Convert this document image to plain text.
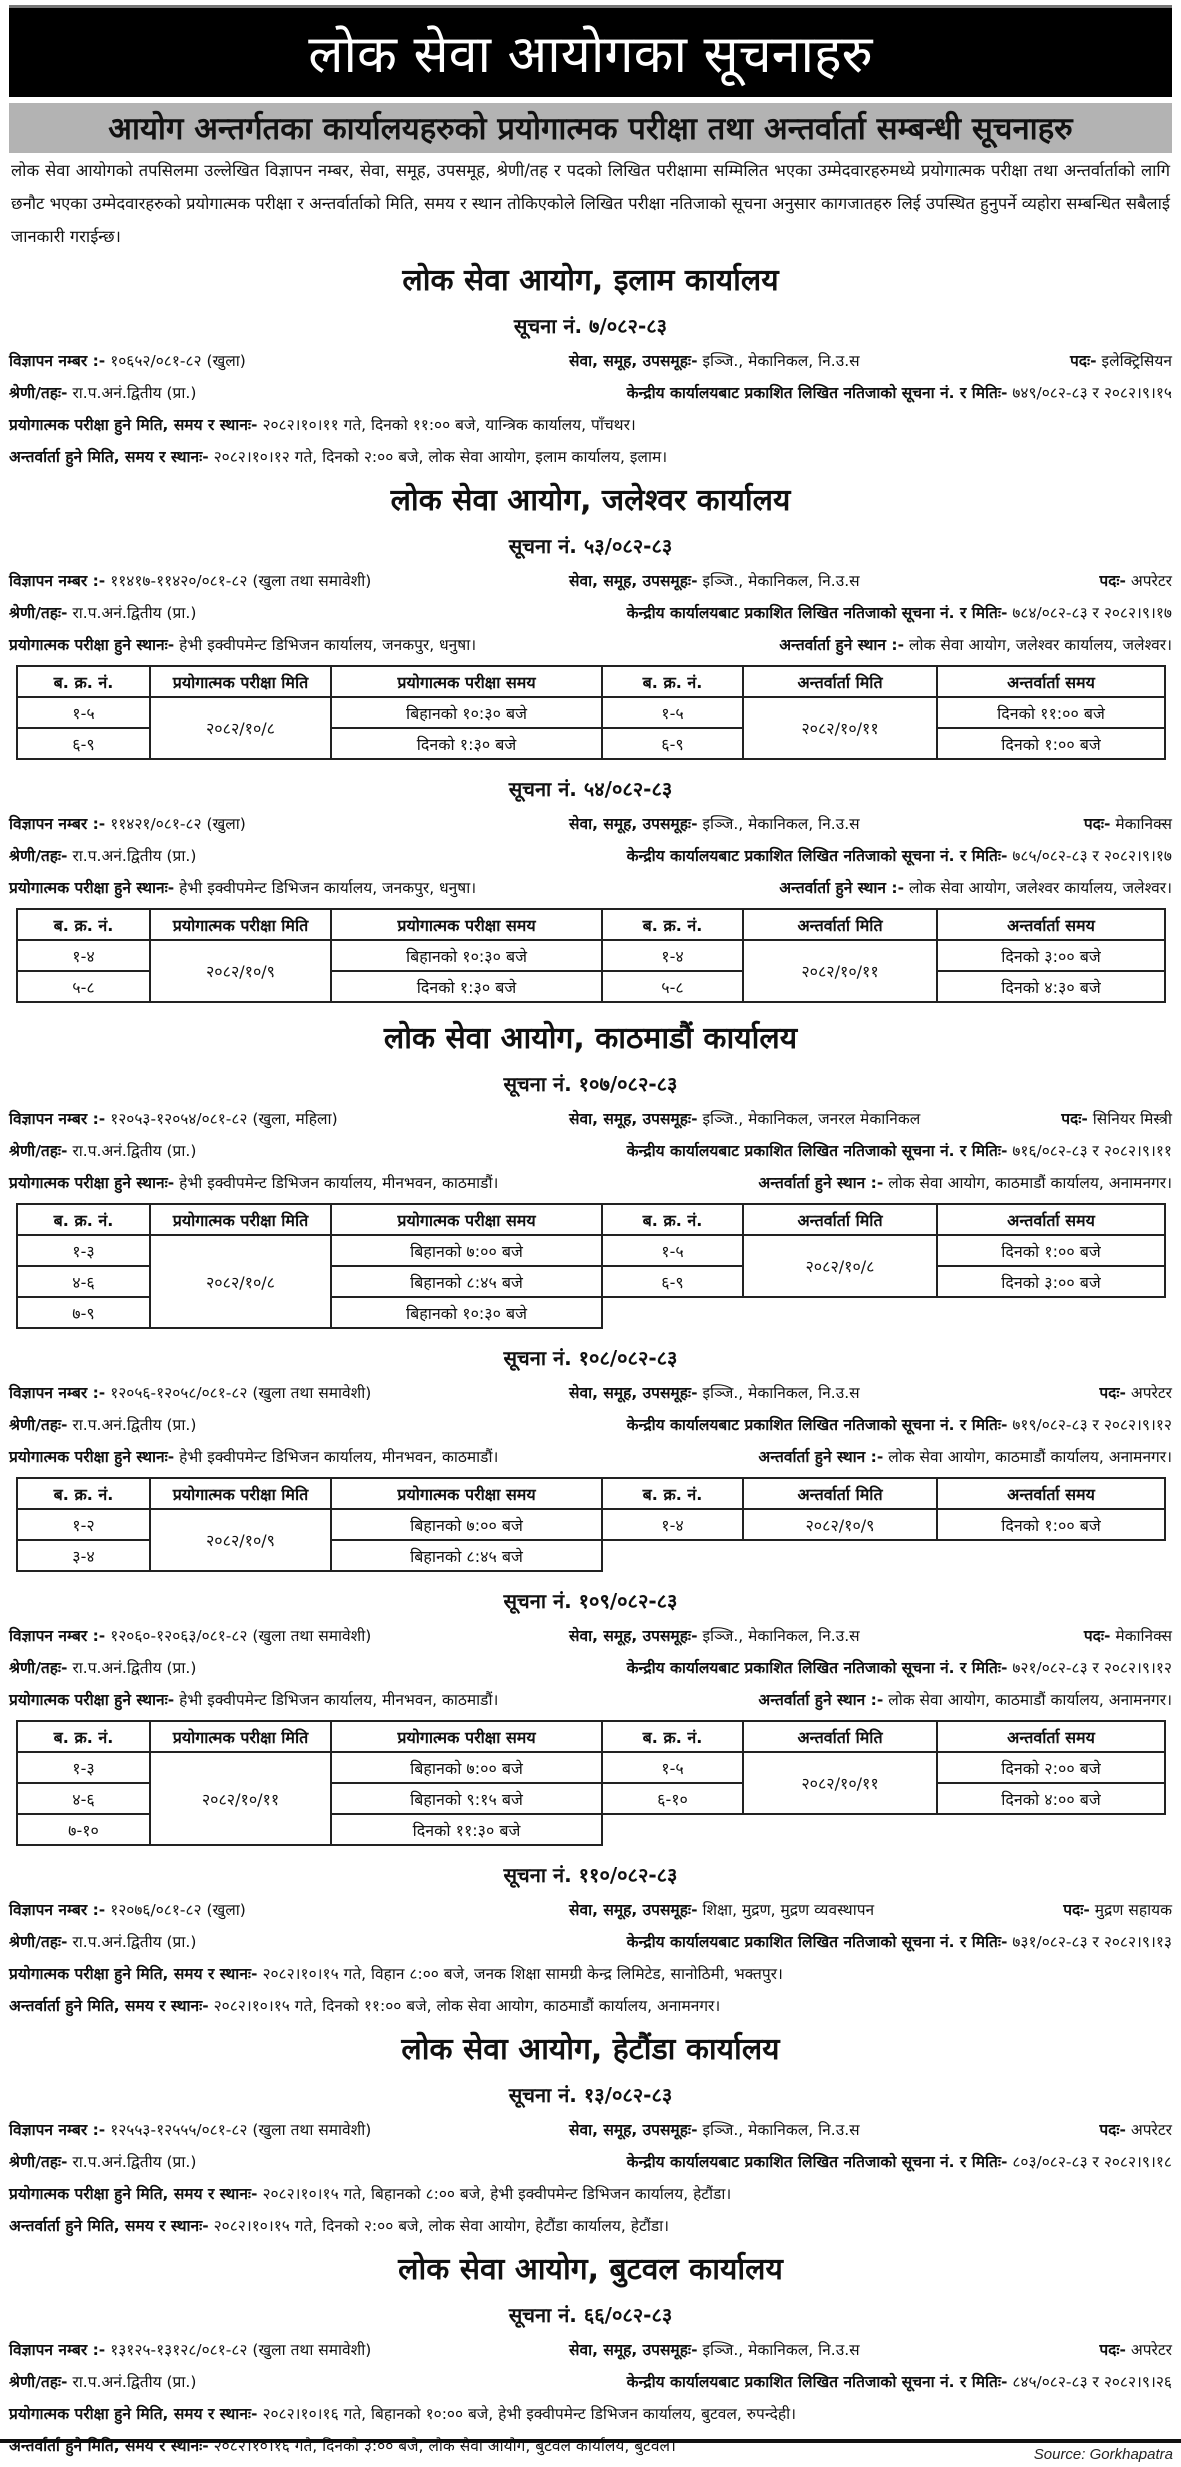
लोक सेवा आयोगका सूचनाहरु
आयोग अन्तर्गतका कार्यालयहरुको प्रयोगात्मक परीक्षा तथा अन्तर्वार्ता सम्बन्धी सूचनाहरु
लोक सेवा आयोगको तपसिलमा उल्लेखित विज्ञापन नम्बर, सेवा, समूह, उपसमूह, श्रेणी/तह र पदको लिखित परीक्षामा सम्मिलित भएका उम्मेदवारहरुमध्ये प्रयोगात्मक परीक्षा तथा अन्तर्वार्ताको लागि छनौट भएका उम्मेदवारहरुको प्रयोगात्मक परीक्षा र अन्तर्वार्ताको मिति, समय र स्थान तोकिएकोले लिखित परीक्षा नतिजाको सूचना अनुसार कागजातहरु लिई उपस्थित हुनुपर्ने व्यहोरा सम्बन्धित सबैलाई जानकारी गराईन्छ।
लोक सेवा आयोग, इलाम कार्यालय
सूचना नं. ७/०८२-८३
विज्ञापन नम्बर :- १०६५२/०८१-८२ (खुला)	सेवा, समूह, उपसमूहः- इञ्जि., मेकानिकल, नि.उ.स	पदः- इलेक्ट्रिसियन
श्रेणी/तहः- रा.प.अनं.द्वितीय (प्रा.)	केन्द्रीय कार्यालयबाट प्रकाशित लिखित नतिजाको सूचना नं. र मितिः- ७४९/०८२-८३ र २०८२।९।१५
प्रयोगात्मक परीक्षा हुने मिति, समय र स्थानः- २०८२।१०।११ गते, दिनको ११:०० बजे, यान्त्रिक कार्यालय, पाँचथर।
अन्तर्वार्ता हुने मिति, समय र स्थानः- २०८२।१०।१२ गते, दिनको २:०० बजे, लोक सेवा आयोग, इलाम कार्यालय, इलाम।
लोक सेवा आयोग, जलेश्वर कार्यालय
सूचना नं. ५३/०८२-८३
विज्ञापन नम्बर :- ११४१७-११४२०/०८१-८२ (खुला तथा समावेशी)	सेवा, समूह, उपसमूहः- इञ्जि., मेकानिकल, नि.उ.स	पदः- अपरेटर
श्रेणी/तहः- रा.प.अनं.द्वितीय (प्रा.)	केन्द्रीय कार्यालयबाट प्रकाशित लिखित नतिजाको सूचना नं. र मितिः- ७८४/०८२-८३ र २०८२।९।१७
प्रयोगात्मक परीक्षा हुने स्थानः- हेभी इक्वीपमेन्ट डिभिजन कार्यालय, जनकपुर, धनुषा।	अन्तर्वार्ता हुने स्थान :- लोक सेवा आयोग, जलेश्वर कार्यालय, जलेश्वर।
ब. क्र. नं.	प्रयोगात्मक परीक्षा मिति	प्रयोगात्मक परीक्षा समय	ब. क्र. नं.	अन्तर्वार्ता मिति	अन्तर्वार्ता समय
१-५	२०८२/१०/८	बिहानको १०:३० बजे	१-५	२०८२/१०/११	दिनको ११:०० बजे
६-९		दिनको १:३० बजे	६-९		दिनको १:०० बजे
सूचना नं. ५४/०८२-८३
विज्ञापन नम्बर :- ११४२१/०८१-८२ (खुला)	सेवा, समूह, उपसमूहः- इञ्जि., मेकानिकल, नि.उ.स	पदः- मेकानिक्स
श्रेणी/तहः- रा.प.अनं.द्वितीय (प्रा.)	केन्द्रीय कार्यालयबाट प्रकाशित लिखित नतिजाको सूचना नं. र मितिः- ७८५/०८२-८३ र २०८२।९।१७
प्रयोगात्मक परीक्षा हुने स्थानः- हेभी इक्वीपमेन्ट डिभिजन कार्यालय, जनकपुर, धनुषा।	अन्तर्वार्ता हुने स्थान :- लोक सेवा आयोग, जलेश्वर कार्यालय, जलेश्वर।
ब. क्र. नं.	प्रयोगात्मक परीक्षा मिति	प्रयोगात्मक परीक्षा समय	ब. क्र. नं.	अन्तर्वार्ता मिति	अन्तर्वार्ता समय
१-४	२०८२/१०/९	बिहानको १०:३० बजे	१-४	२०८२/१०/११	दिनको ३:०० बजे
५-८		दिनको १:३० बजे	५-८		दिनको ४:३० बजे
लोक सेवा आयोग, काठमाडौं कार्यालय
सूचना नं. १०७/०८२-८३
विज्ञापन नम्बर :- १२०५३-१२०५४/०८१-८२ (खुला, महिला)	सेवा, समूह, उपसमूहः- इञ्जि., मेकानिकल, जनरल मेकानिकल	पदः- सिनियर मिस्त्री
श्रेणी/तहः- रा.प.अनं.द्वितीय (प्रा.)	केन्द्रीय कार्यालयबाट प्रकाशित लिखित नतिजाको सूचना नं. र मितिः- ७१६/०८२-८३ र २०८२।९।११
प्रयोगात्मक परीक्षा हुने स्थानः- हेभी इक्वीपमेन्ट डिभिजन कार्यालय, मीनभवन, काठमाडौं।	अन्तर्वार्ता हुने स्थान :- लोक सेवा आयोग, काठमाडौं कार्यालय, अनामनगर।
ब. क्र. नं.	प्रयोगात्मक परीक्षा मिति	प्रयोगात्मक परीक्षा समय	ब. क्र. नं.	अन्तर्वार्ता मिति	अन्तर्वार्ता समय
१-३	२०८२/१०/८	बिहानको ७:०० बजे	१-५	२०८२/१०/८	दिनको १:०० बजे
४-६		बिहानको ८:४५ बजे	६-९		दिनको ३:०० बजे
७-९		बिहानको १०:३० बजे			
सूचना नं. १०८/०८२-८३
विज्ञापन नम्बर :- १२०५६-१२०५८/०८१-८२ (खुला तथा समावेशी)	सेवा, समूह, उपसमूहः- इञ्जि., मेकानिकल, नि.उ.स	पदः- अपरेटर
श्रेणी/तहः- रा.प.अनं.द्वितीय (प्रा.)	केन्द्रीय कार्यालयबाट प्रकाशित लिखित नतिजाको सूचना नं. र मितिः- ७१९/०८२-८३ र २०८२।९।१२
प्रयोगात्मक परीक्षा हुने स्थानः- हेभी इक्वीपमेन्ट डिभिजन कार्यालय, मीनभवन, काठमाडौं।	अन्तर्वार्ता हुने स्थान :- लोक सेवा आयोग, काठमाडौं कार्यालय, अनामनगर।
ब. क्र. नं.	प्रयोगात्मक परीक्षा मिति	प्रयोगात्मक परीक्षा समय	ब. क्र. नं.	अन्तर्वार्ता मिति	अन्तर्वार्ता समय
१-२	२०८२/१०/९	बिहानको ७:०० बजे	१-४	२०८२/१०/९	दिनको १:०० बजे
३-४		बिहानको ८:४५ बजे			
सूचना नं. १०९/०८२-८३
विज्ञापन नम्बर :- १२०६०-१२०६३/०८१-८२ (खुला तथा समावेशी)	सेवा, समूह, उपसमूहः- इञ्जि., मेकानिकल, नि.उ.स	पदः- मेकानिक्स
श्रेणी/तहः- रा.प.अनं.द्वितीय (प्रा.)	केन्द्रीय कार्यालयबाट प्रकाशित लिखित नतिजाको सूचना नं. र मितिः- ७२१/०८२-८३ र २०८२।९।१२
प्रयोगात्मक परीक्षा हुने स्थानः- हेभी इक्वीपमेन्ट डिभिजन कार्यालय, मीनभवन, काठमाडौं।	अन्तर्वार्ता हुने स्थान :- लोक सेवा आयोग, काठमाडौं कार्यालय, अनामनगर।
ब. क्र. नं.	प्रयोगात्मक परीक्षा मिति	प्रयोगात्मक परीक्षा समय	ब. क्र. नं.	अन्तर्वार्ता मिति	अन्तर्वार्ता समय
१-३	२०८२/१०/११	बिहानको ७:०० बजे	१-५	२०८२/१०/११	दिनको २:०० बजे
४-६		बिहानको ९:१५ बजे	६-१०		दिनको ४:०० बजे
७-१०		दिनको ११:३० बजे			
सूचना नं. ११०/०८२-८३
विज्ञापन नम्बर :- १२०७६/०८१-८२ (खुला)	सेवा, समूह, उपसमूहः- शिक्षा, मुद्रण, मुद्रण व्यवस्थापन	पदः- मुद्रण सहायक
श्रेणी/तहः- रा.प.अनं.द्वितीय (प्रा.)	केन्द्रीय कार्यालयबाट प्रकाशित लिखित नतिजाको सूचना नं. र मितिः- ७३१/०८२-८३ र २०८२।९।१३
प्रयोगात्मक परीक्षा हुने मिति, समय र स्थानः- २०८२।१०।१५ गते, विहान ८:०० बजे, जनक शिक्षा सामग्री केन्द्र लिमिटेड, सानोठिमी, भक्तपुर।
अन्तर्वार्ता हुने मिति, समय र स्थानः- २०८२।१०।१५ गते, दिनको ११:०० बजे, लोक सेवा आयोग, काठमाडौं कार्यालय, अनामनगर।
लोक सेवा आयोग, हेटौंडा कार्यालय
सूचना नं. १३/०८२-८३
विज्ञापन नम्बर :- १२५५३-१२५५५/०८१-८२ (खुला तथा समावेशी)	सेवा, समूह, उपसमूहः- इञ्जि., मेकानिकल, नि.उ.स	पदः- अपरेटर
श्रेणी/तहः- रा.प.अनं.द्वितीय (प्रा.)	केन्द्रीय कार्यालयबाट प्रकाशित लिखित नतिजाको सूचना नं. र मितिः- ८०३/०८२-८३ र २०८२।९।१८
प्रयोगात्मक परीक्षा हुने मिति, समय र स्थानः- २०८२।१०।१५ गते, बिहानको ८:०० बजे, हेभी इक्वीपमेन्ट डिभिजन कार्यालय, हेटौंडा।
अन्तर्वार्ता हुने मिति, समय र स्थानः- २०८२।१०।१५ गते, दिनको २:०० बजे, लोक सेवा आयोग, हेटौंडा कार्यालय, हेटौंडा।
लोक सेवा आयोग, बुटवल कार्यालय
सूचना नं. ६६/०८२-८३
विज्ञापन नम्बर :- १३१२५-१३१२८/०८१-८२ (खुला तथा समावेशी)	सेवा, समूह, उपसमूहः- इञ्जि., मेकानिकल, नि.उ.स	पदः- अपरेटर
श्रेणी/तहः- रा.प.अनं.द्वितीय (प्रा.)	केन्द्रीय कार्यालयबाट प्रकाशित लिखित नतिजाको सूचना नं. र मितिः- ८४५/०८२-८३ र २०८२।९।२६
प्रयोगात्मक परीक्षा हुने मिति, समय र स्थानः- २०८२।१०।१६ गते, बिहानको १०:०० बजे, हेभी इक्वीपमेन्ट डिभिजन कार्यालय, बुटवल, रुपन्देही।
अन्तर्वार्ता हुने मिति, समय र स्थानः- २०८२।१०।१६ गते, दिनको ३:०० बजे, लोक सेवा आयोग, बुटवल कार्यालय, बुटवल।	Source: Gorkhapatra
